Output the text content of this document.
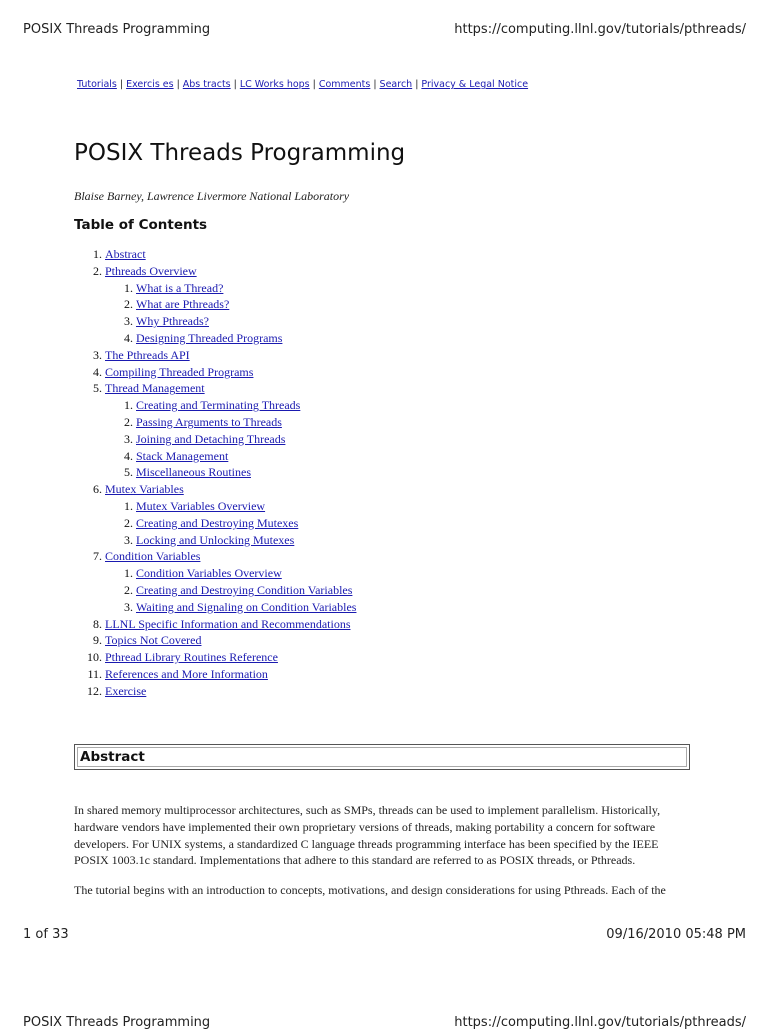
POSIX Threads Programming	https://computing.llnl.gov/tutorials/pthreads/
Tutorials | Exercis es | Abs tracts | LC Works hops | Comments | Search | Privacy & Legal Notice
POSIX Threads Programming
Blaise Barney, Lawrence Livermore National Laboratory
Table of Contents
1. Abstract
2. Pthreads Overview
1. What is a Thread?
2. What are Pthreads?
3. Why Pthreads?
4. Designing Threaded Programs
3. The Pthreads API
4. Compiling Threaded Programs
5. Thread Management
1. Creating and Terminating Threads
2. Passing Arguments to Threads
3. Joining and Detaching Threads
4. Stack Management
5. Miscellaneous Routines
6. Mutex Variables
1. Mutex Variables Overview
2. Creating and Destroying Mutexes
3. Locking and Unlocking Mutexes
7. Condition Variables
1. Condition Variables Overview
2. Creating and Destroying Condition Variables
3. Waiting and Signaling on Condition Variables
8. LLNL Specific Information and Recommendations
9. Topics Not Covered
10. Pthread Library Routines Reference
11. References and More Information
12. Exercise
Abstract

In shared memory multiprocessor architectures, such as SMPs, threads can be used to implement parallelism. Historically, hardware vendors have implemented their own proprietary versions of threads, making portability a concern for software developers. For UNIX systems, a standardized C language threads programming interface has been specified by the IEEE POSIX 1003.1c standard. Implementations that adhere to this standard are referred to as POSIX threads, or Pthreads.

The tutorial begins with an introduction to concepts, motivations, and design considerations for using Pthreads. Each of the

1 of 33	09/16/2010 05:48 PM
POSIX Threads Programming	https://computing.llnl.gov/tutorials/pthreads/
